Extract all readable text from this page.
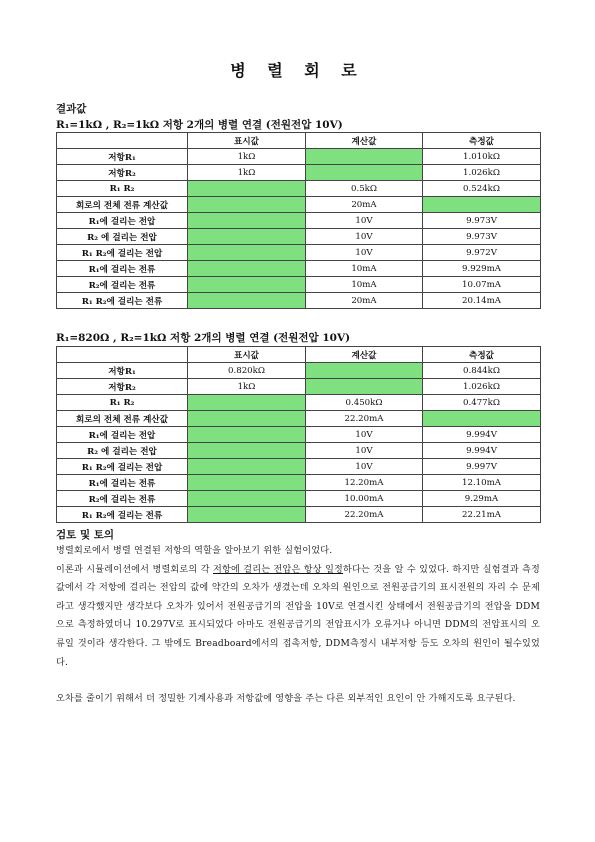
병 렬 회 로
결과값
R₁=1kΩ , R₂=1kΩ 저항 2개의 병렬 연결 (전원전압 10V)
	표시값	계산값	측정값
저항R₁	1kΩ		1.010kΩ
저항R₂	1kΩ		1.026kΩ
R₁ R₂		0.5kΩ	0.524kΩ
회로의 전체 전류 계산값		20mA	
R₁에 걸리는 전압		10V	9.973V
R₂ 에 걸리는 전압		10V	9.973V
R₁ R₂에 걸리는 전압		10V	9.972V
R₁에 걸리는 전류		10mA	9.929mA
R₂에 걸리는 전류		10mA	10.07mA
R₁ R₂에 걸리는 전류		20mA	20.14mA
R₁=820Ω , R₂=1kΩ 저항 2개의 병렬 연결 (전원전압 10V)
	표시값	계산값	측정값
저항R₁	0.820kΩ		0.844kΩ
저항R₂	1kΩ		1.026kΩ
R₁ R₂		0.450kΩ	0.477kΩ
회로의 전체 전류 계산값		22.20mA	
R₁에 걸리는 전압		10V	9.994V
R₂ 에 걸리는 전압		10V	9.994V
R₁ R₂에 걸리는 전압		10V	9.997V
R₁에 걸리는 전류		12.20mA	12.10mA
R₂에 걸리는 전류		10.00mA	9.29mA
R₁ R₂에 걸리는 전류		22.20mA	22.21mA
검토 및 토의

병렬회로에서 병렬 연결된 저항의 역할을 알아보기 위한 실험이었다.

이론과 시뮬레이션에서 병렬회로의 각 저항에 걸리는 전압은 항상 일정하다는 것을 알 수 있었다. 하지만 실험결과 측정값에서 각 저항에 걸리는 전압의 값에 약간의 오차가 생겼는데 오차의 원인으로 전원공급기의 표시전원의 자리 수 문제라고 생각했지만 생각보다 오차가 있어서 전원공급기의 전압을 10V로 연결시킨 상태에서 전원공급기의 전압을 DDM으로 측정하였더니 10.297V로 표시되었다 아마도 전원공급기의 전압표시가 오류거나 아니면 DDM의 전압표시의 오류일 것이라 생각한다. 그 밖에도 Breadboard에서의 접촉저항, DDM측정시 내부저항 등도 오차의 원인이 될수있었다.

오차를 줄이기 위해서 더 정밀한 기계사용과 저항값에 영향을 주는 다른 외부적인 요인이 안 가해지도록 요구된다.
